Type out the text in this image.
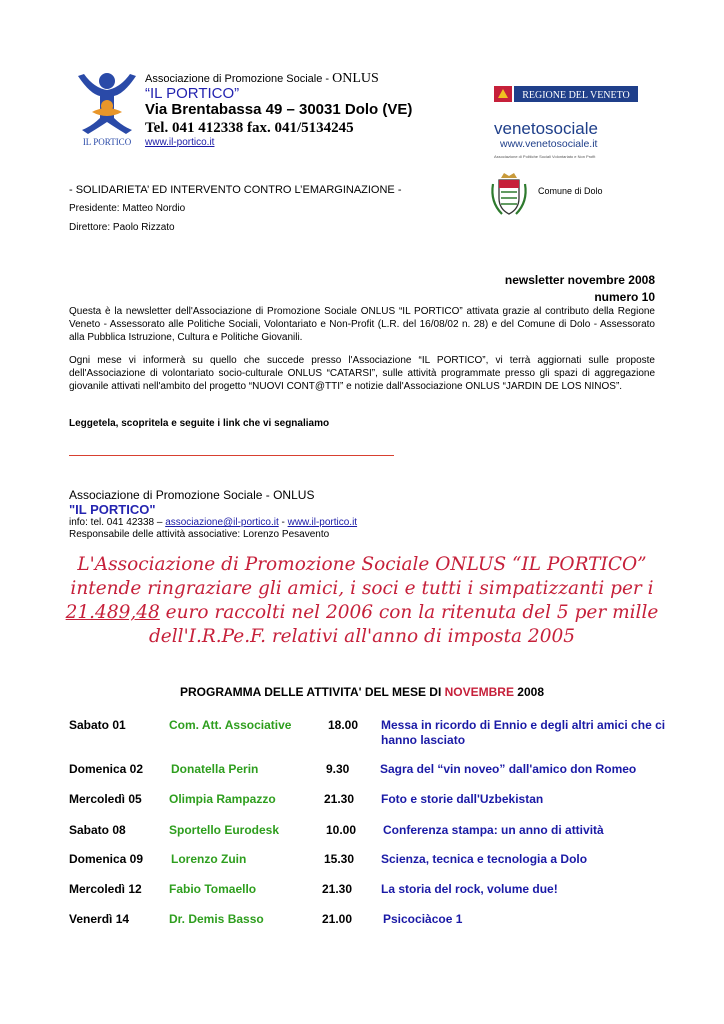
IL PORTICO
Associazione di Promozione Sociale - ONLUS
“IL PORTICO”
Via Brentabassa 49 – 30031 Dolo (VE)
Tel. 041 412338 fax. 041/5134245
www.il-portico.it
REGIONE DEL VENETO
venetosociale
www.venetosociale.it
Associazione di Politiche Sociali Volontariato e Non Profit
Comune di Dolo
- SOLIDARIETA’ ED INTERVENTO CONTRO L’EMARGINAZIONE -
Presidente: Matteo Nordio
Direttore: Paolo Rizzato
newsletter novembre 2008
numero 10
Questa è la newsletter dell'Associazione di Promozione Sociale ONLUS “IL PORTICO” attivata grazie al contributo della Regione Veneto - Assessorato alle Politiche Sociali, Volontariato e Non-Profit (L.R. del 16/08/02 n. 28) e del Comune di Dolo - Assessorato alla Pubblica Istruzione, Cultura e Politiche Giovanili.
Ogni mese vi informerà su quello che succede presso l'Associazione “IL PORTICO”, vi terrà aggiornati sulle proposte dell'Associazione di volontariato socio-culturale ONLUS “CATARSI”, sulle attività programmate presso gli spazi di aggregazione giovanile attivati nell'ambito del progetto “NUOVI CONT@TTI” e notizie dall'Associazione ONLUS “JARDIN DE LOS NINOS”.
Leggetela, scopritela e seguite i link che vi segnaliamo
Associazione di Promozione Sociale - ONLUS
"IL PORTICO"
info: tel. 041 42338 – associazione@il-portico.it - www.il-portico.it
Responsabile delle attività associative: Lorenzo Pesavento
L'Associazione di Promozione Sociale ONLUS “IL PORTICO”
intende ringraziare gli amici, i soci e tutti i simpatizzanti per i
21.489,48 euro raccolti nel 2006 con la ritenuta del 5 per mille
dell'I.R.Pe.F. relativi all'anno di imposta 2005
PROGRAMMA DELLE ATTIVITA' DEL MESE DI NOVEMBRE 2008
Sabato 01	Com. Att. Associative	18.00 Messa in ricordo di Ennio e degli altri amici che ci hanno lasciato
Domenica 02 Donatella Perin	9.30	Sagra del “vin noveo” dall'amico don Romeo
Mercoledì 05 Olimpia Rampazzo	21.30 Foto e storie dall'Uzbekistan
Sabato 08	Sportello Eurodesk	10.00 Conferenza stampa: un anno di attività
Domenica 09 Lorenzo Zuin	15.30 Scienza, tecnica e tecnologia a Dolo
Mercoledì 12 Fabio Tomaello	21.30 La storia del rock, volume due!
Venerdì 14	Dr. Demis Basso	21.00	Psicociàcoe 1
